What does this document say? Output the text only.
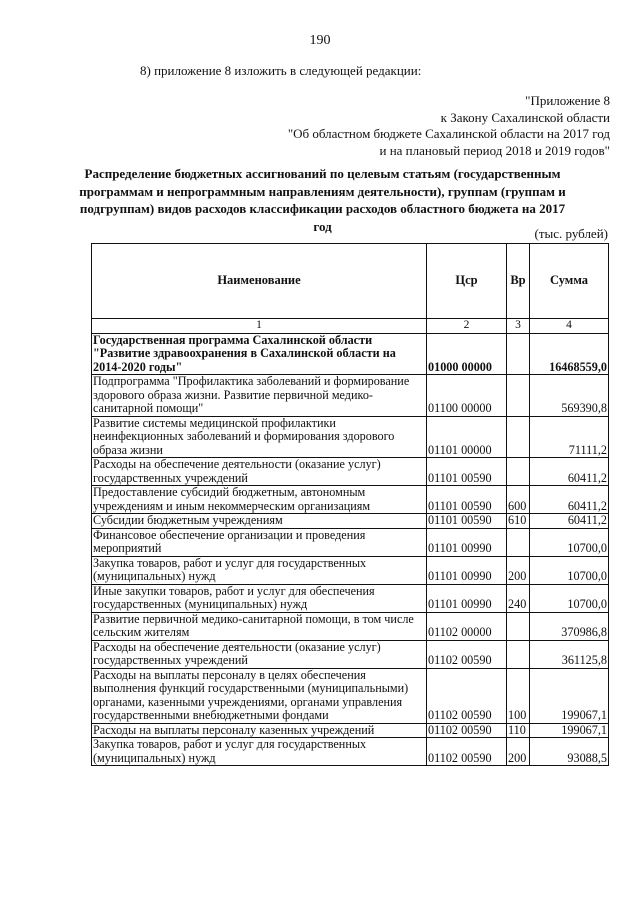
190
8) приложение 8 изложить в следующей редакции:
"Приложение 8
к Закону Сахалинской области
"Об областном бюджете Сахалинской области на 2017 год
и на плановый период 2018 и 2019 годов"
Распределение бюджетных ассигнований по целевым статьям (государственным программам и непрограммным направлениям деятельности), группам (группам и подгруппам) видов расходов классификации расходов областного бюджета на 2017 год	(тыс. рублей)
Наименование	Цср	Вр	Сумма
1	2	3	4
Государственная программа Сахалинской области "Развитие здравоохранения в Сахалинской области на 2014-2020 годы"	01000 00000		16468559,0
Подпрограмма "Профилактика заболеваний и формирование здорового образа жизни. Развитие первичной медико-санитарной помощи"	01100 00000		569390,8
Развитие системы медицинской профилактики неинфекционных заболеваний и формирования здорового образа жизни	01101 00000		71111,2
Расходы на обеспечение деятельности (оказание услуг) государственных учреждений	01101 00590		60411,2
Предоставление субсидий бюджетным, автономным учреждениям и иным некоммерческим организациям	01101 00590	600	60411,2
Субсидии бюджетным учреждениям	01101 00590	610	60411,2
Финансовое обеспечение организации и проведения мероприятий	01101 00990		10700,0
Закупка товаров, работ и услуг для государственных (муниципальных) нужд	01101 00990	200	10700,0
Иные закупки товаров, работ и услуг для обеспечения государственных (муниципальных) нужд	01101 00990	240	10700,0
Развитие первичной медико-санитарной помощи, в том числе сельским жителям	01102 00000		370986,8
Расходы на обеспечение деятельности (оказание услуг) государственных учреждений	01102 00590		361125,8
Расходы на выплаты персоналу в целях обеспечения выполнения функций государственными (муниципальными) органами, казенными учреждениями, органами управления государственными внебюджетными фондами	01102 00590	100	199067,1
Расходы на выплаты персоналу казенных учреждений	01102 00590	110	199067,1
Закупка товаров, работ и услуг для государственных (муниципальных) нужд	01102 00590	200	93088,5
